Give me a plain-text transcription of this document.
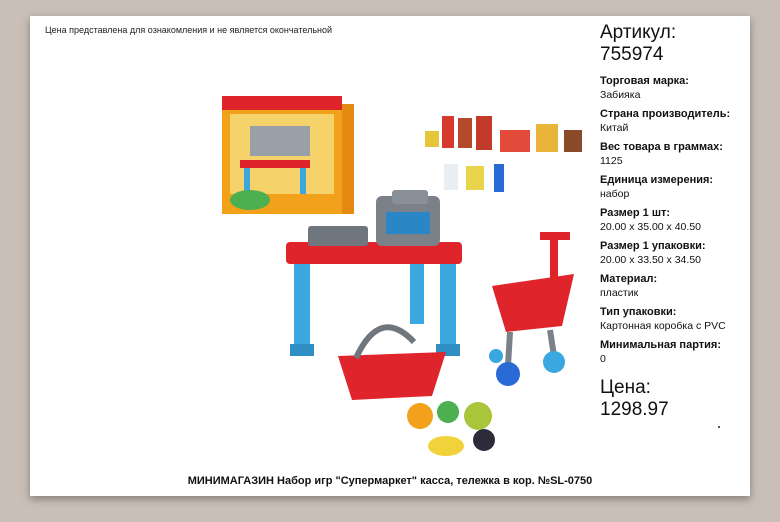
Цена представлена для ознакомления и не является окончательной	Артикул:
755974
Торговая марка:
Забияка
Страна производитель:
Китай
Вес товара в граммах:
1125
Единица измерения:
набор
Размер 1 шт:
20.00 x 35.00 x 40.50
Размер 1 упаковки:
20.00 x 33.50 x 34.50
Материал:
пластик
Тип упаковки:
Картонная коробка с PVC
Минимальная партия:
0
Цена:
1298.97
МИНИМАГАЗИН Набор игр "Супермаркет" касса, тележка в кор. №SL-0750
